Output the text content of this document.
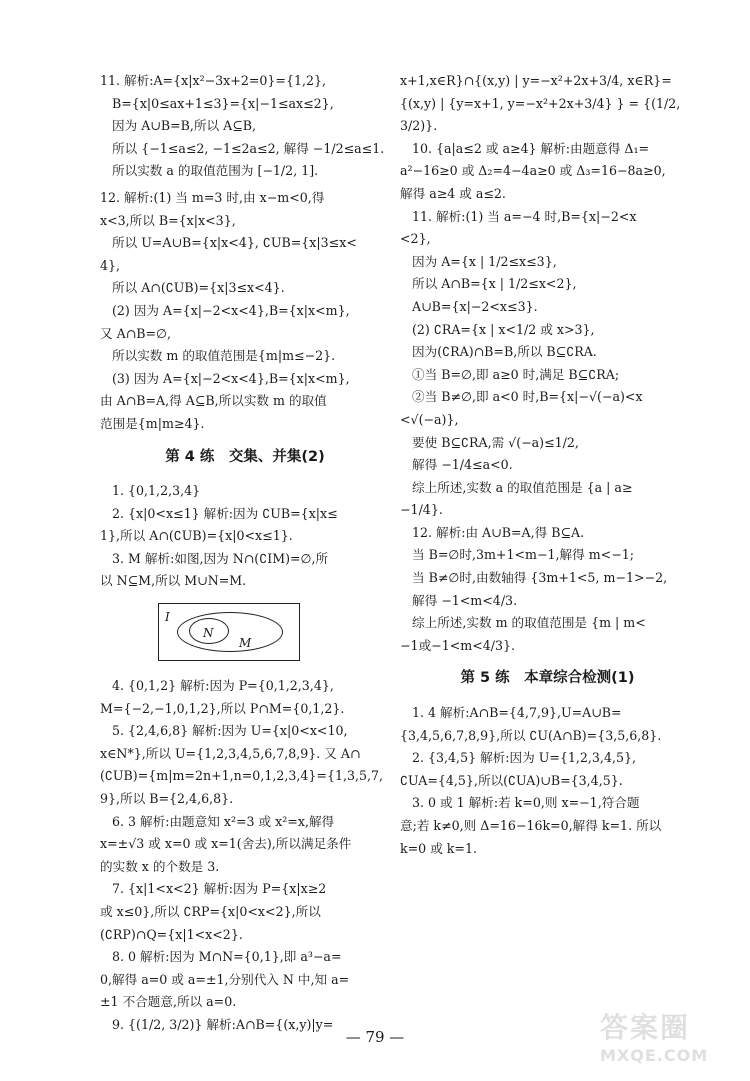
11. 解析:A={x|x²−3x+2=0}={1,2},

B={x|0≤ax+1≤3}={x|−1≤ax≤2},

因为 A∪B=B,所以 A⊆B,

所以 {−1≤a≤2, −1≤2a≤2, 解得 −1/2≤a≤1.

所以实数 a 的取值范围为 [−1/2, 1].

12. 解析:(1) 当 m=3 时,由 x−m<0,得

x<3,所以 B={x|x<3},

所以 U=A∪B={x|x<4}, ∁UB={x|3≤x<

4},

所以 A∩(∁UB)={x|3≤x<4}.

(2) 因为 A={x|−2<x<4},B={x|x<m},

又 A∩B=∅,

所以实数 m 的取值范围是{m|m≤−2}.

(3) 因为 A={x|−2<x<4},B={x|x<m},

由 A∩B=A,得 A⊆B,所以实数 m 的取值

范围是{m|m≥4}.

第 4 练　交集、并集(2)

1. {0,1,2,3,4}

2. {x|0<x≤1} 解析:因为 ∁UB={x|x≤

1},所以 A∩(∁UB)={x|0<x≤1}.

3. M 解析:如图,因为 N∩(∁IM)=∅,所

以 N⊆M,所以 M∪N=M.

I
N
M

4. {0,1,2} 解析:因为 P={0,1,2,3,4},

M={−2,−1,0,1,2},所以 P∩M={0,1,2}.

5. {2,4,6,8} 解析:因为 U={x|0<x<10,

x∈N*},所以 U={1,2,3,4,5,6,7,8,9}. 又 A∩

(∁UB)={m|m=2n+1,n=0,1,2,3,4}={1,3,5,7,

9},所以 B={2,4,6,8}.

6. 3 解析:由题意知 x²=3 或 x²=x,解得

x=±√3 或 x=0 或 x=1(舍去),所以满足条件

的实数 x 的个数是 3.

7. {x|1<x<2} 解析:因为 P={x|x≥2

或 x≤0},所以 ∁RP={x|0<x<2},所以

(∁RP)∩Q={x|1<x<2}.

8. 0 解析:因为 M∩N={0,1},即 a³−a=

0,解得 a=0 或 a=±1,分别代入 N 中,知 a=

±1 不合题意,所以 a=0.

9. {(1/2, 3/2)} 解析:A∩B={(x,y)|y=

x+1,x∈R}∩{(x,y) | y=−x²+2x+3/4, x∈R}=

{(x,y) | {y=x+1, y=−x²+2x+3/4} } = {(1/2, 3/2)}.

10. {a|a≤2 或 a≥4} 解析:由题意得 Δ₁=

a²−16≥0 或 Δ₂=4−4a≥0 或 Δ₃=16−8a≥0,

解得 a≥4 或 a≤2.

11. 解析:(1) 当 a=−4 时,B={x|−2<x

<2},

因为 A={x | 1/2≤x≤3},

所以 A∩B={x | 1/2≤x<2},

A∪B={x|−2<x≤3}.

(2) ∁RA={x | x<1/2 或 x>3},

因为(∁RA)∩B=B,所以 B⊆∁RA.

①当 B=∅,即 a≥0 时,满足 B⊆∁RA;

②当 B≠∅,即 a<0 时,B={x|−√(−a)<x

<√(−a)},

要使 B⊆∁RA,需 √(−a)≤1/2,

解得 −1/4≤a<0.

综上所述,实数 a 的取值范围是 {a | a≥

−1/4}.

12. 解析:由 A∪B=A,得 B⊆A.

当 B=∅时,3m+1<m−1,解得 m<−1;

当 B≠∅时,由数轴得 {3m+1<5, m−1>−2,

解得 −1<m<4/3.

综上所述,实数 m 的取值范围是 {m | m<

−1或−1<m<4/3}.

第 5 练　本章综合检测(1)

1. 4 解析:A∩B={4,7,9},U=A∪B=

{3,4,5,6,7,8,9},所以 ∁U(A∩B)={3,5,6,8}.

2. {3,4,5} 解析:因为 U={1,2,3,4,5},

∁UA={4,5},所以(∁UA)∪B={3,4,5}.

3. 0 或 1 解析:若 k=0,则 x=−1,符合题

意;若 k≠0,则 Δ=16−16k=0,解得 k=1. 所以

k=0 或 k=1.

— 79 —	答案圈
MXQE.COM
